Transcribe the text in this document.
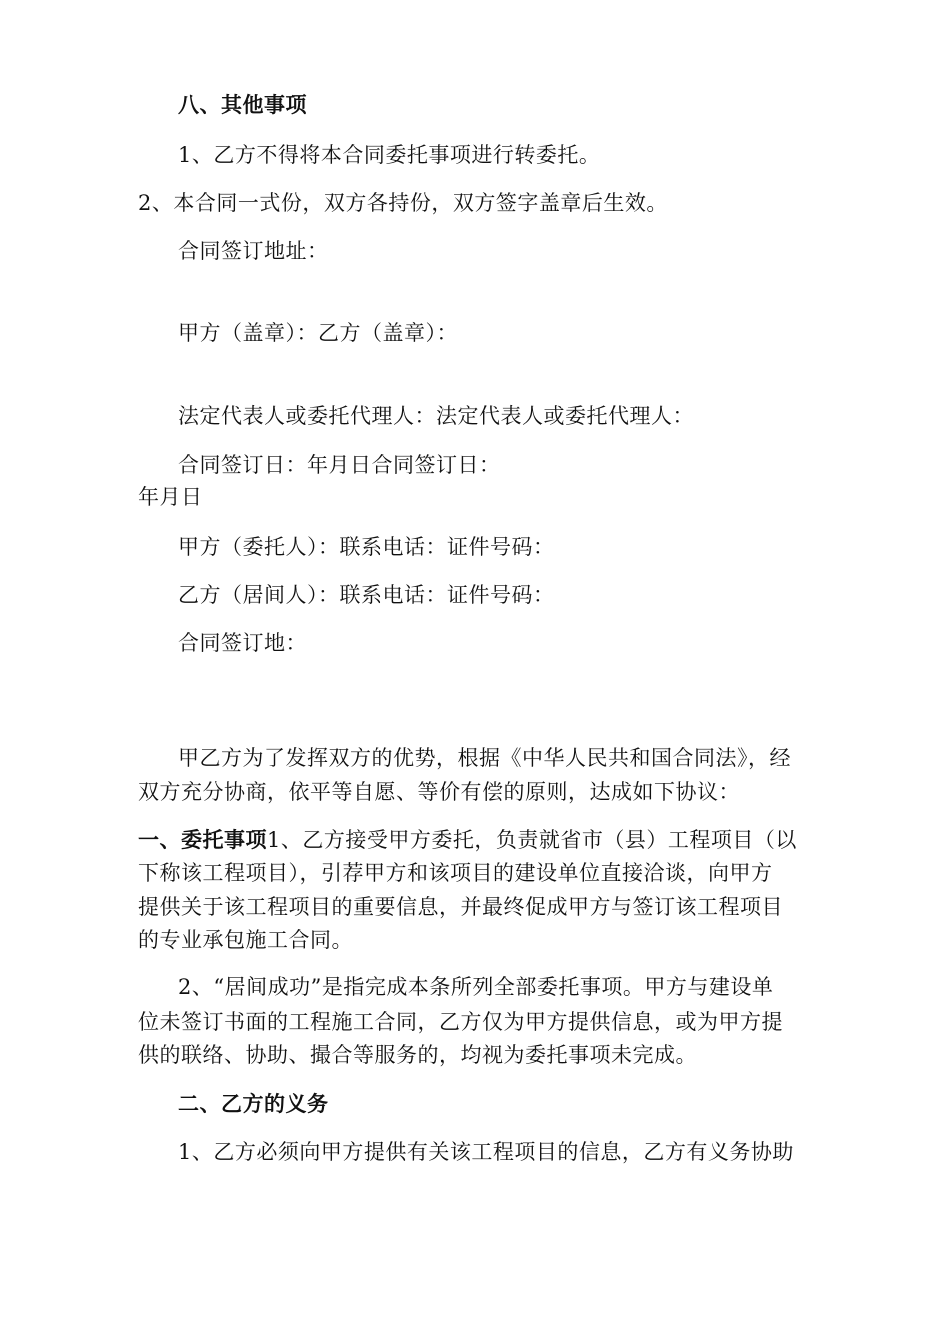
八、其他事项
1、乙方不得将本合同委托事项进行转委托。
2、本合同一式份，双方各持份，双方签字盖章后生效。
合同签订地址：
甲方（盖章）：乙方（盖章）：
法定代表人或委托代理人：法定代表人或委托代理人：
合同签订日：年月日合同签订日：
年月日
甲方（委托人）：联系电话：证件号码：
乙方（居间人）：联系电话：证件号码：
合同签订地：
甲乙方为了发挥双方的优势，根据《中华人民共和国合同法》，经
双方充分协商，依平等自愿、等价有偿的原则，达成如下协议：
一、委托事项1、乙方接受甲方委托，负责就省市（县）工程项目（以
下称该工程项目），引荐甲方和该项目的建设单位直接洽谈，向甲方
提供关于该工程项目的重要信息，并最终促成甲方与签订该工程项目
的专业承包施工合同。
2、“居间成功”是指完成本条所列全部委托事项。甲方与建设单
位未签订书面的工程施工合同，乙方仅为甲方提供信息，或为甲方提
供的联络、协助、撮合等服务的，均视为委托事项未完成。
二、乙方的义务
1、乙方必须向甲方提供有关该工程项目的信息，乙方有义务协助
